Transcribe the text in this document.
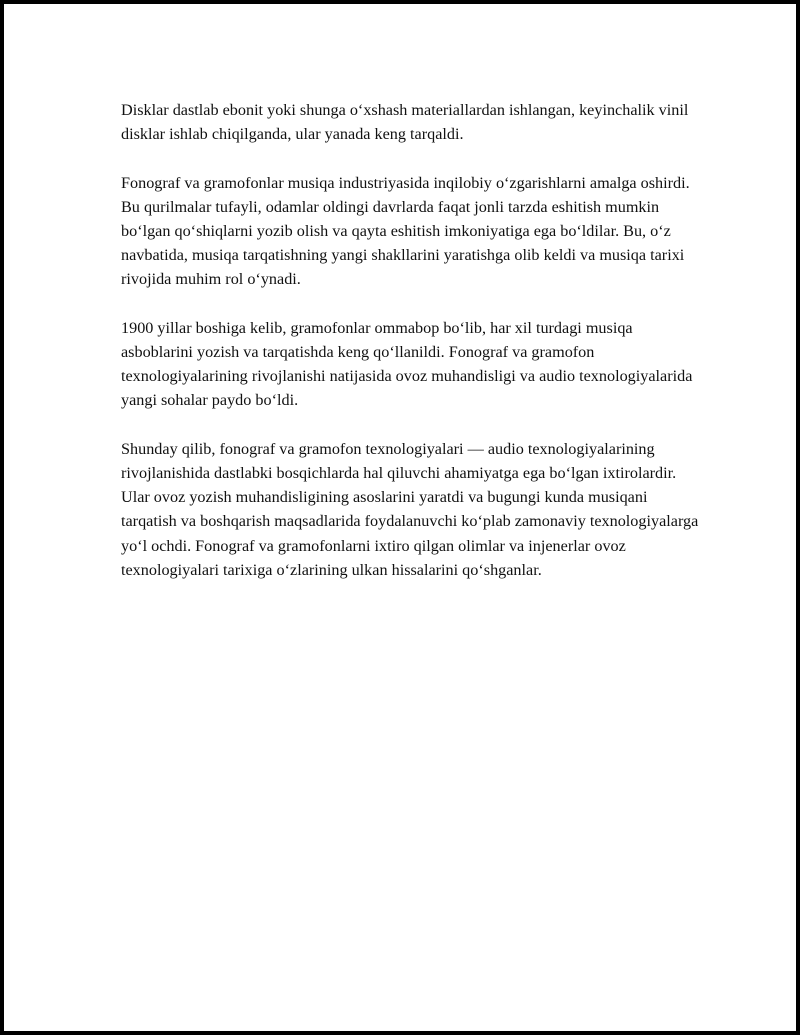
Disklar dastlab ebonit yoki shunga o‘xshash materiallardan ishlangan, keyinchalik vinil disklar ishlab chiqilganda, ular yanada keng tarqaldi.

Fonograf va gramofonlar musiqa industriyasida inqilobiy o‘zgarishlarni amalga oshirdi. Bu qurilmalar tufayli, odamlar oldingi davrlarda faqat jonli tarzda eshitish mumkin bo‘lgan qo‘shiqlarni yozib olish va qayta eshitish imkoniyatiga ega bo‘ldilar. Bu, o‘z navbatida, musiqa tarqatishning yangi shakllarini yaratishga olib keldi va musiqa tarixi rivojida muhim rol o‘ynadi.

1900 yillar boshiga kelib, gramofonlar ommabop bo‘lib, har xil turdagi musiqa asboblarini yozish va tarqatishda keng qo‘llanildi. Fonograf va gramofon texnologiyalarining rivojlanishi natijasida ovoz muhandisligi va audio texnologiyalarida yangi sohalar paydo bo‘ldi.

Shunday qilib, fonograf va gramofon texnologiyalari — audio texnologiyalarining rivojlanishida dastlabki bosqichlarda hal qiluvchi ahamiyatga ega bo‘lgan ixtirolardir. Ular ovoz yozish muhandisligining asoslarini yaratdi va bugungi kunda musiqani tarqatish va boshqarish maqsadlarida foydalanuvchi ko‘plab zamonaviy texnologiyalarga yo‘l ochdi. Fonograf va gramofonlarni ixtiro qilgan olimlar va injenerlar ovoz texnologiyalari tarixiga o‘zlarining ulkan hissalarini qo‘shganlar.
